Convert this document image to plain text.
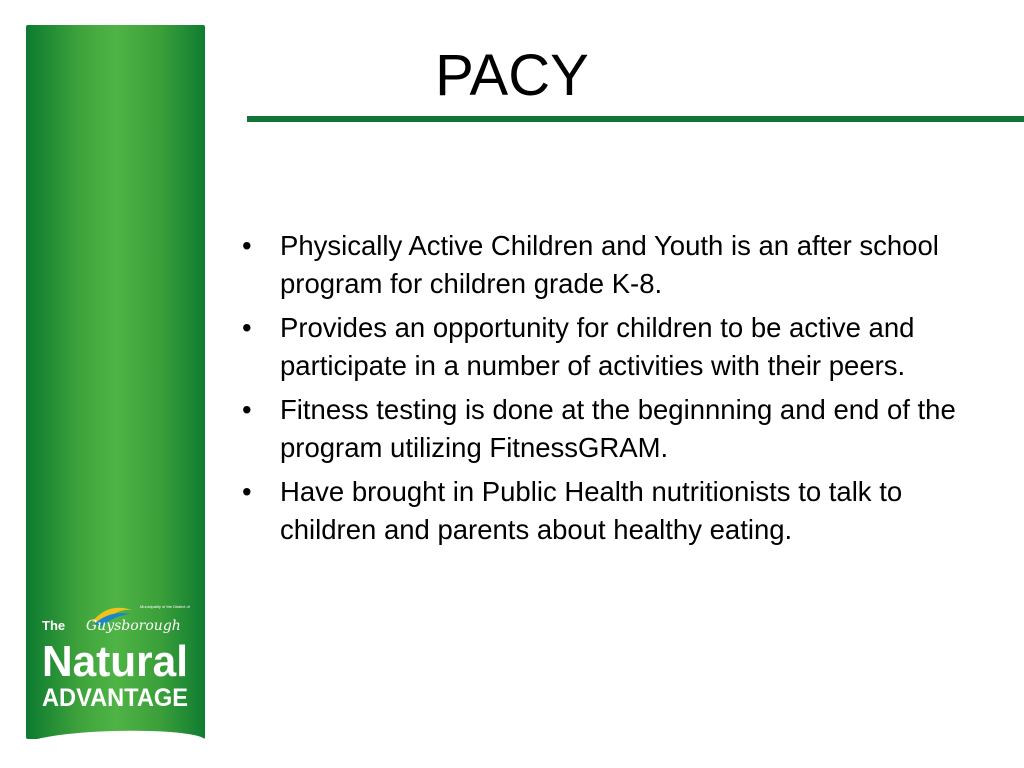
Municipality of the District of
The Guysborough
Natural
ADVANTAGE
PACY
• Physically Active Children and Youth is an after school program for children grade K-8.
• Provides an opportunity for children to be active and participate in a number of activities with their peers.
• Fitness testing is done at the beginnning and end of the program utilizing FitnessGRAM.
• Have brought in Public Health nutritionists to talk to children and parents about healthy eating.
